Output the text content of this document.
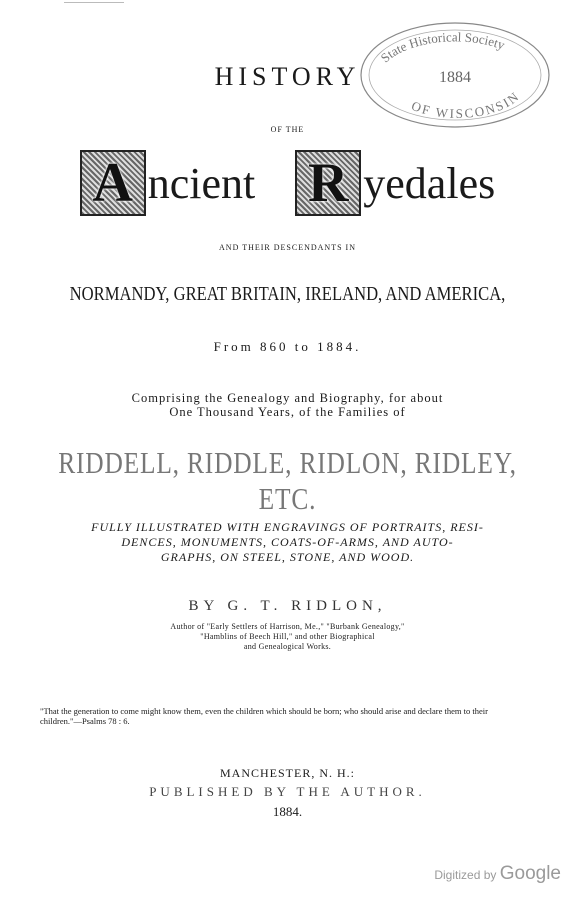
State Historical Society
OF WISCONSIN
1884
HISTORY
OF THE
A ncient R yedales
AND THEIR DESCENDANTS IN
NORMANDY, GREAT BRITAIN, IRELAND, AND AMERICA,
From 860 to 1884.
Comprising the Genealogy and Biography, for about
One Thousand Years, of the Families of
RIDDELL, RIDDLE, RIDLON, RIDLEY, ETC.
FULLY ILLUSTRATED WITH ENGRAVINGS OF PORTRAITS, RESI-
DENCES, MONUMENTS, COATS-OF-ARMS, AND AUTO-
GRAPHS, ON STEEL, STONE, AND WOOD.
BY G. T. RIDLON,
Author of "Early Settlers of Harrison, Me.," "Burbank Genealogy,"
"Hamblins of Beech Hill," and other Biographical
and Genealogical Works.
"That the generation to come might know them, even the children which should be born; who should arise and declare them to their children."—Psalms 78 : 6.
MANCHESTER, N. H.:
PUBLISHED BY THE AUTHOR.
1884.
Digitized by Google
